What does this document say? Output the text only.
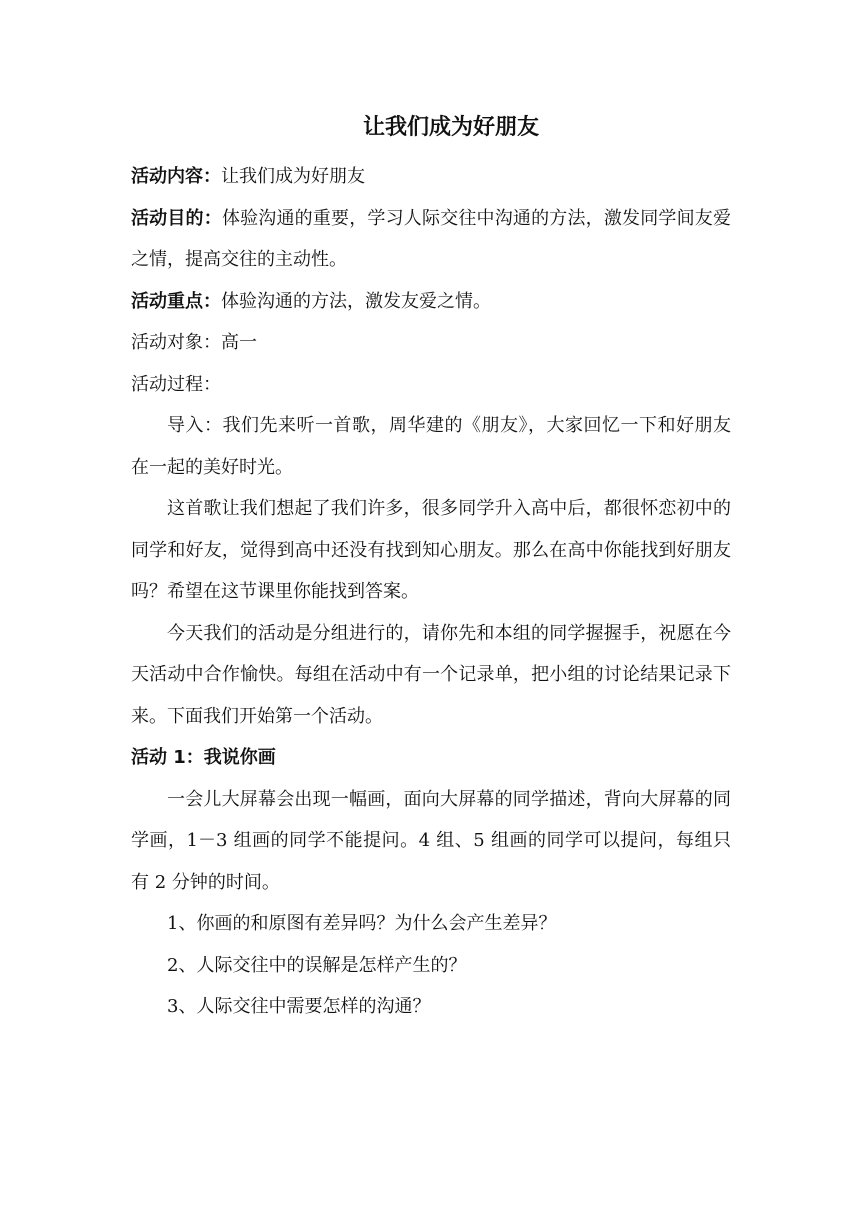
让我们成为好朋友

活动内容：让我们成为好朋友

活动目的：体验沟通的重要，学习人际交往中沟通的方法，激发同学间友爱之情，提高交往的主动性。

活动重点：体验沟通的方法，激发友爱之情。

活动对象：高一

活动过程：

导入：我们先来听一首歌，周华建的《朋友》，大家回忆一下和好朋友在一起的美好时光。

这首歌让我们想起了我们许多，很多同学升入高中后，都很怀恋初中的同学和好友，觉得到高中还没有找到知心朋友。那么在高中你能找到好朋友吗？希望在这节课里你能找到答案。

今天我们的活动是分组进行的，请你先和本组的同学握握手，祝愿在今天活动中合作愉快。每组在活动中有一个记录单，把小组的讨论结果记录下来。下面我们开始第一个活动。

活动 1：我说你画

一会儿大屏幕会出现一幅画，面向大屏幕的同学描述，背向大屏幕的同学画，1－3 组画的同学不能提问。4 组、5 组画的同学可以提问，每组只有 2 分钟的时间。

1、你画的和原图有差异吗？为什么会产生差异？

2、人际交往中的误解是怎样产生的？

3、人际交往中需要怎样的沟通？
